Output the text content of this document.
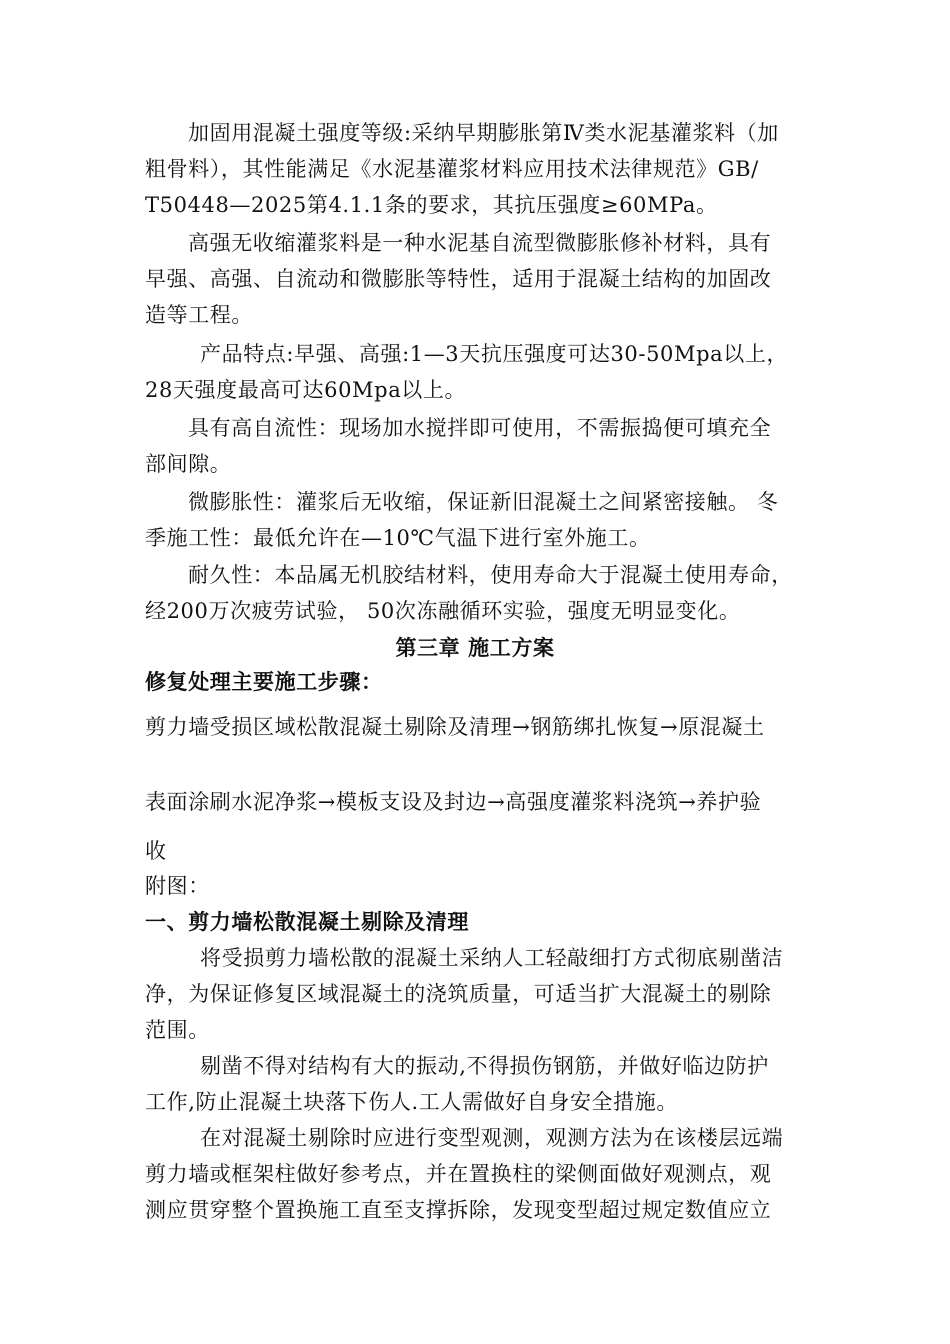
加固用混凝土强度等级:采纳早期膨胀第Ⅳ类水泥基灌浆料（加
粗骨料），其性能满足《水泥基灌浆材料应用技术法律规范》GB/
T50448—2025第4.1.1条的要求，其抗压强度≥60MPa。
高强无收缩灌浆料是一种水泥基自流型微膨胀修补材料，具有
早强、高强、自流动和微膨胀等特性，适用于混凝土结构的加固改
造等工程。
产品特点:早强、高强:1—3天抗压强度可达30-50Mpa以上，
28天强度最高可达60Mpa以上。
具有高自流性：现场加水搅拌即可使用，不需振捣便可填充全
部间隙。
微膨胀性：灌浆后无收缩，保证新旧混凝土之间紧密接触。 冬
季施工性：最低允许在—10℃气温下进行室外施工。
耐久性：本品属无机胶结材料，使用寿命大于混凝土使用寿命，
经200万次疲劳试验， 50次冻融循环实验，强度无明显变化。
第三章 施工方案
修复处理主要施工步骤：
剪力墙受损区域松散混凝土剔除及清理→钢筋绑扎恢复→原混凝土
表面涂刷水泥净浆→模板支设及封边→高强度灌浆料浇筑→养护验
收
附图：
一、剪力墙松散混凝土剔除及清理
将受损剪力墙松散的混凝土采纳人工轻敲细打方式彻底剔凿洁
净，为保证修复区域混凝土的浇筑质量，可适当扩大混凝土的剔除
范围。
剔凿不得对结构有大的振动,不得损伤钢筋，并做好临边防护
工作,防止混凝土块落下伤人.工人需做好自身安全措施。
在对混凝土剔除时应进行变型观测，观测方法为在该楼层远端
剪力墙或框架柱做好参考点，并在置换柱的梁侧面做好观测点，观
测应贯穿整个置换施工直至支撑拆除，发现变型超过规定数值应立
